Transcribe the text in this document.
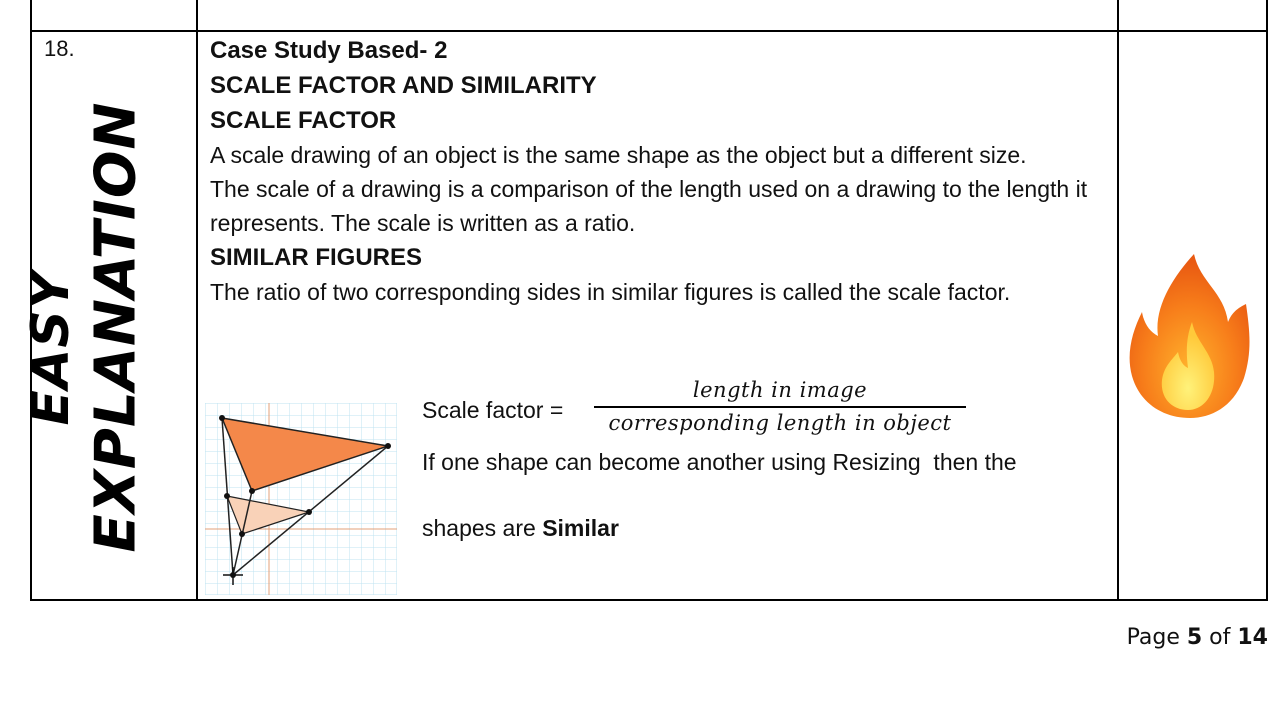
18.
EASY EXPLANATION

Case Study Based- 2

SCALE FACTOR AND SIMILARITY

SCALE FACTOR

A scale drawing of an object is the same shape as the object but a different size.

The scale of a drawing is a comparison of the length used on a drawing to the length it represents. The scale is written as a ratio.

SIMILAR FIGURES

The ratio of two corresponding sides in similar figures is called the scale factor.

Scale factor =
length in image
corresponding length in object
If one shape can become another using Resizing  then the
shapes are Similar
Page 5 of 14
